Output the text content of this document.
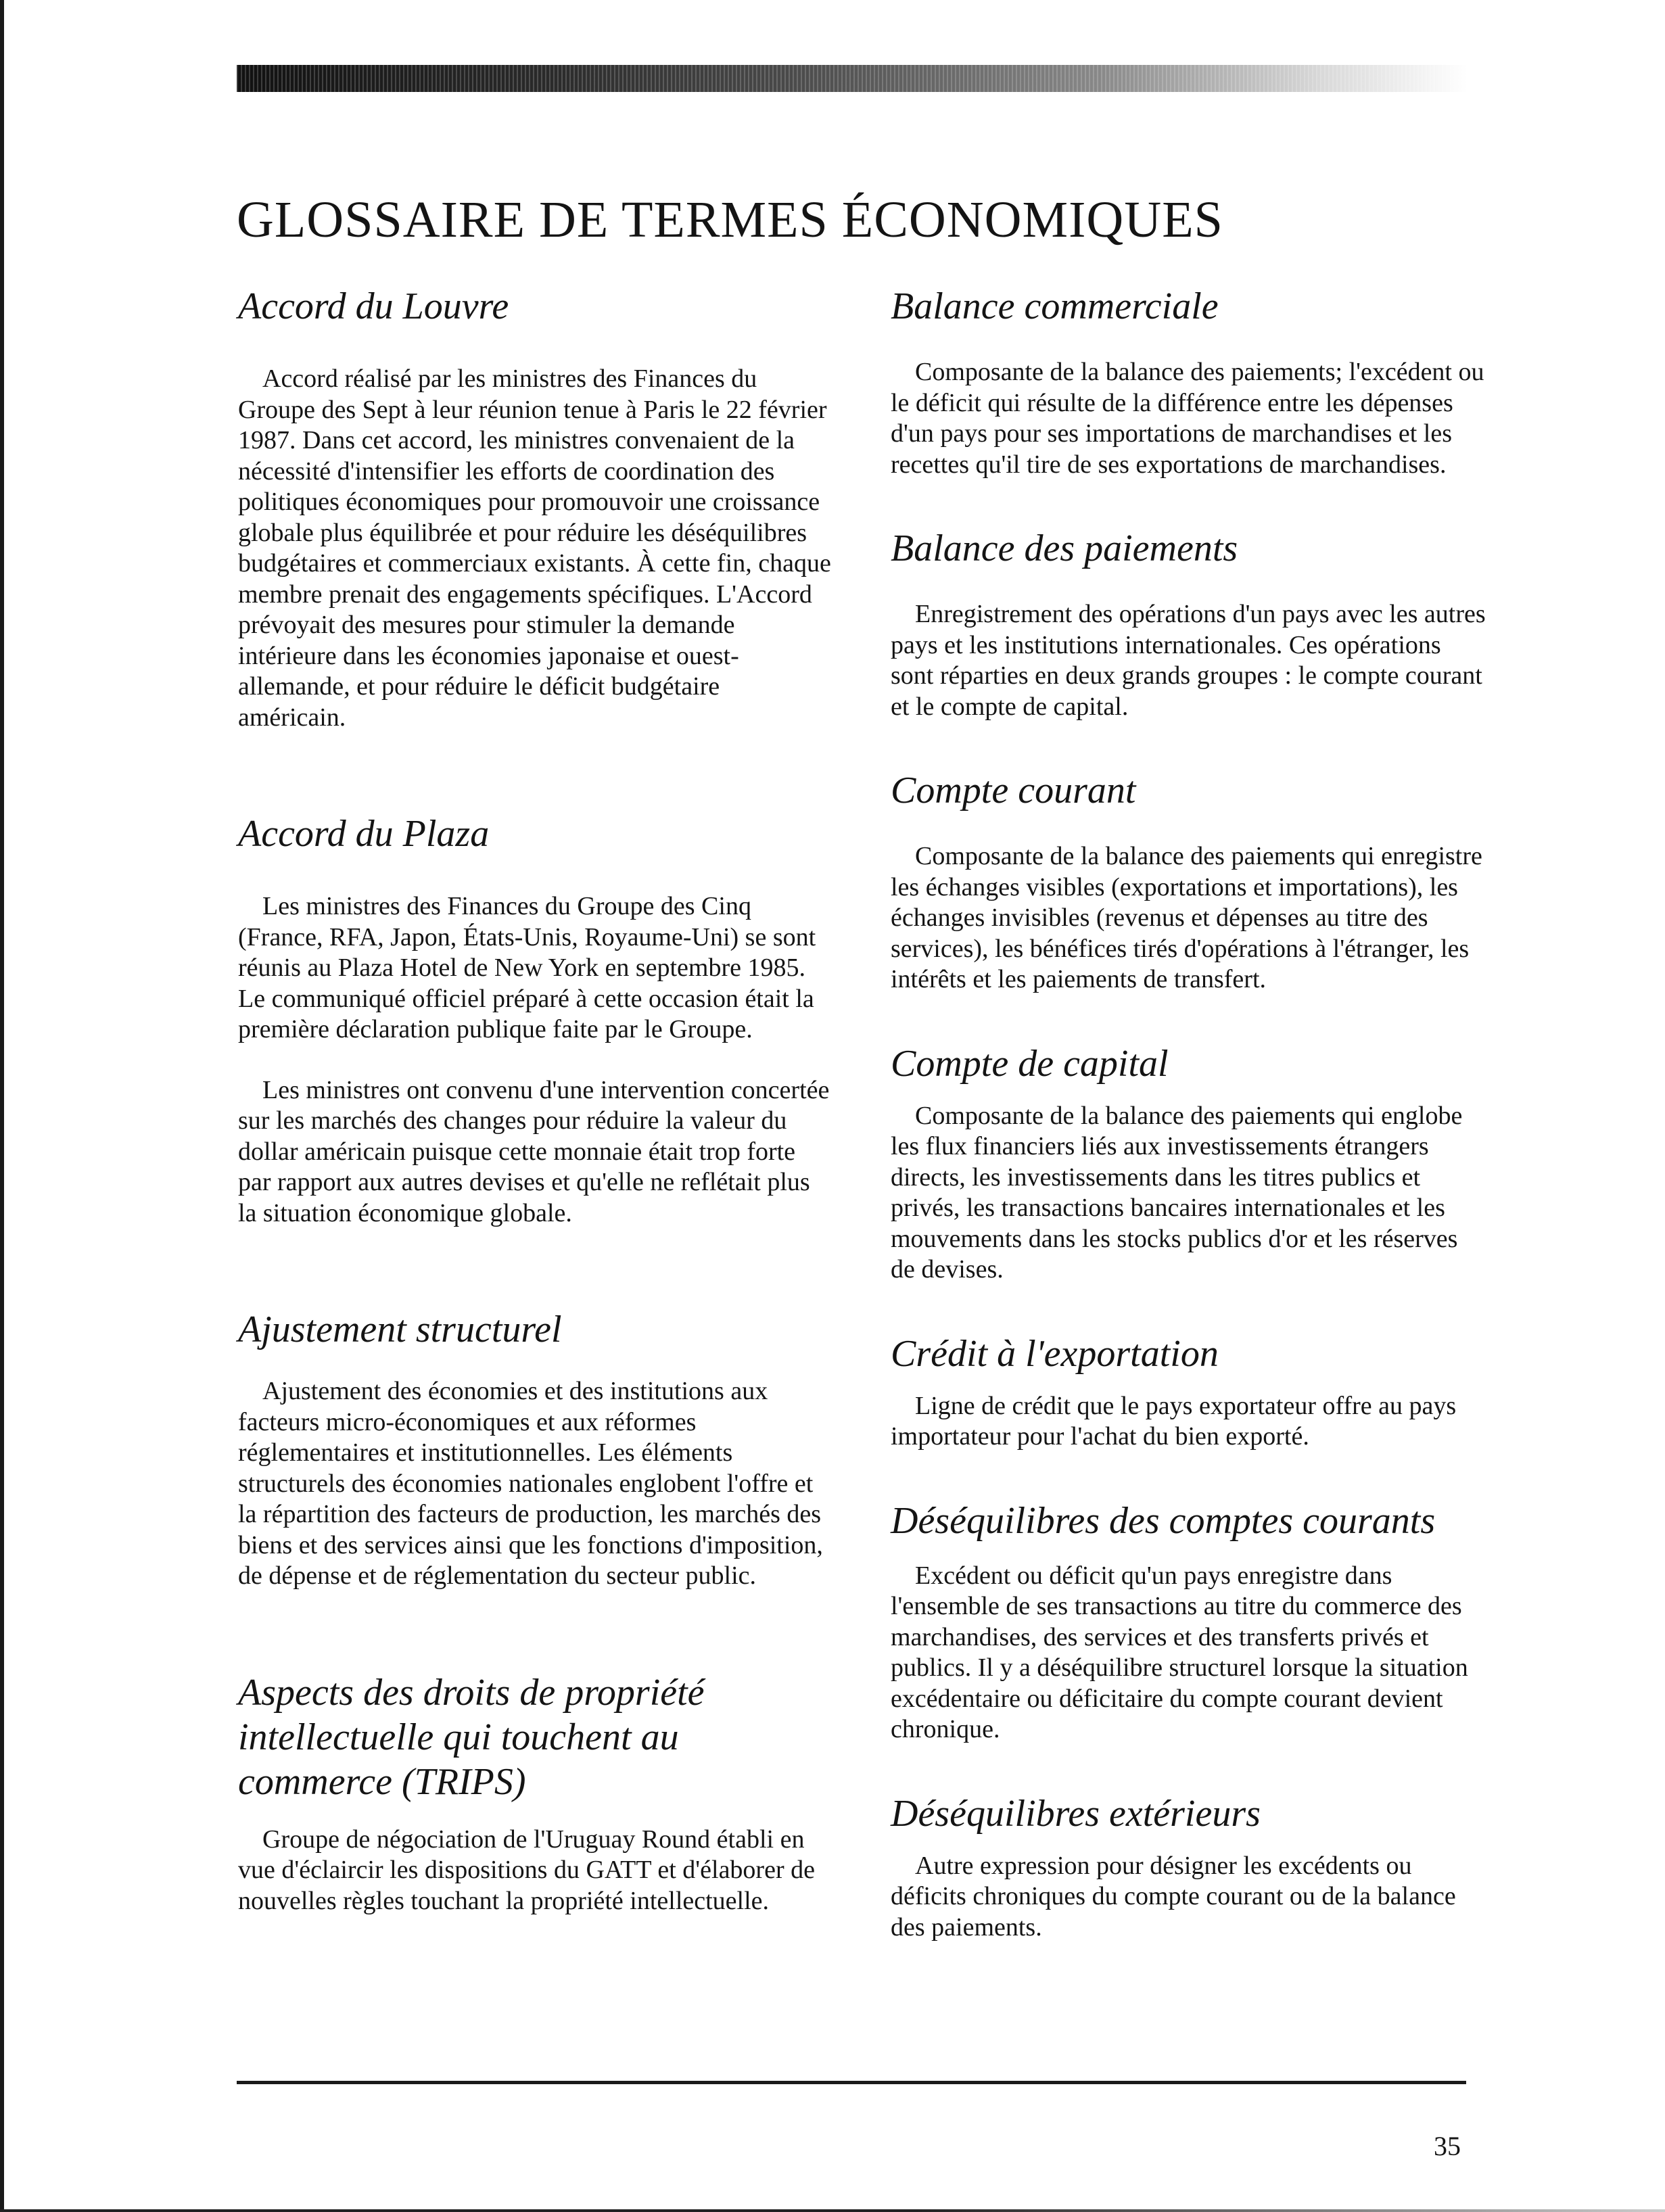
GLOSSAIRE DE TERMES ÉCONOMIQUES
Accord du Louvre

Accord réalisé par les ministres des Finances du Groupe des Sept à leur réunion tenue à Paris le 22 février 1987. Dans cet accord, les ministres convenaient de la nécessité d'intensifier les efforts de coordination des politiques économiques pour promouvoir une croissance globale plus équilibrée et pour réduire les déséquilibres budgétaires et commerciaux existants. À cette fin, chaque membre prenait des engagements spécifiques. L'Accord prévoyait des mesures pour stimuler la demande intérieure dans les économies japonaise et ouest-allemande, et pour réduire le déficit budgétaire américain.

Accord du Plaza

Les ministres des Finances du Groupe des Cinq (France, RFA, Japon, États-Unis, Royaume-Uni) se sont réunis au Plaza Hotel de New York en septembre 1985. Le communiqué officiel préparé à cette occasion était la première déclaration publique faite par le Groupe.

Les ministres ont convenu d'une intervention concertée sur les marchés des changes pour réduire la valeur du dollar américain puisque cette monnaie était trop forte par rapport aux autres devises et qu'elle ne reflétait plus la situation économique globale.

Ajustement structurel

Ajustement des économies et des institutions aux facteurs micro-économiques et aux réformes réglementaires et institutionnelles. Les éléments structurels des économies nationales englobent l'offre et la répartition des facteurs de production, les marchés des biens et des services ainsi que les fonctions d'imposition, de dépense et de réglementation du secteur public.

Aspects des droits de propriété intellectuelle qui touchent au commerce (TRIPS)

Groupe de négociation de l'Uruguay Round établi en vue d'éclaircir les dispositions du GATT et d'élaborer de nouvelles règles touchant la propriété intellectuelle.

Balance commerciale

Composante de la balance des paiements; l'excédent ou le déficit qui résulte de la différence entre les dépenses d'un pays pour ses importations de marchandises et les recettes qu'il tire de ses exportations de marchandises.

Balance des paiements

Enregistrement des opérations d'un pays avec les autres pays et les institutions internationales. Ces opérations sont réparties en deux grands groupes : le compte courant et le compte de capital.

Compte courant

Composante de la balance des paiements qui enregistre les échanges visibles (exportations et importations), les échanges invisibles (revenus et dépenses au titre des services), les bénéfices tirés d'opérations à l'étranger, les intérêts et les paiements de transfert.

Compte de capital

Composante de la balance des paiements qui englobe les flux financiers liés aux investissements étrangers directs, les investissements dans les titres publics et privés, les transactions bancaires internationales et les mouvements dans les stocks publics d'or et les réserves de devises.

Crédit à l'exportation

Ligne de crédit que le pays exportateur offre au pays importateur pour l'achat du bien exporté.

Déséquilibres des comptes courants

Excédent ou déficit qu'un pays enregistre dans l'ensemble de ses transactions au titre du commerce des marchandises, des services et des transferts privés et publics. Il y a déséquilibre structurel lorsque la situation excédentaire ou déficitaire du compte courant devient chronique.

Déséquilibres extérieurs

Autre expression pour désigner les excédents ou déficits chroniques du compte courant ou de la balance des paiements.

35
